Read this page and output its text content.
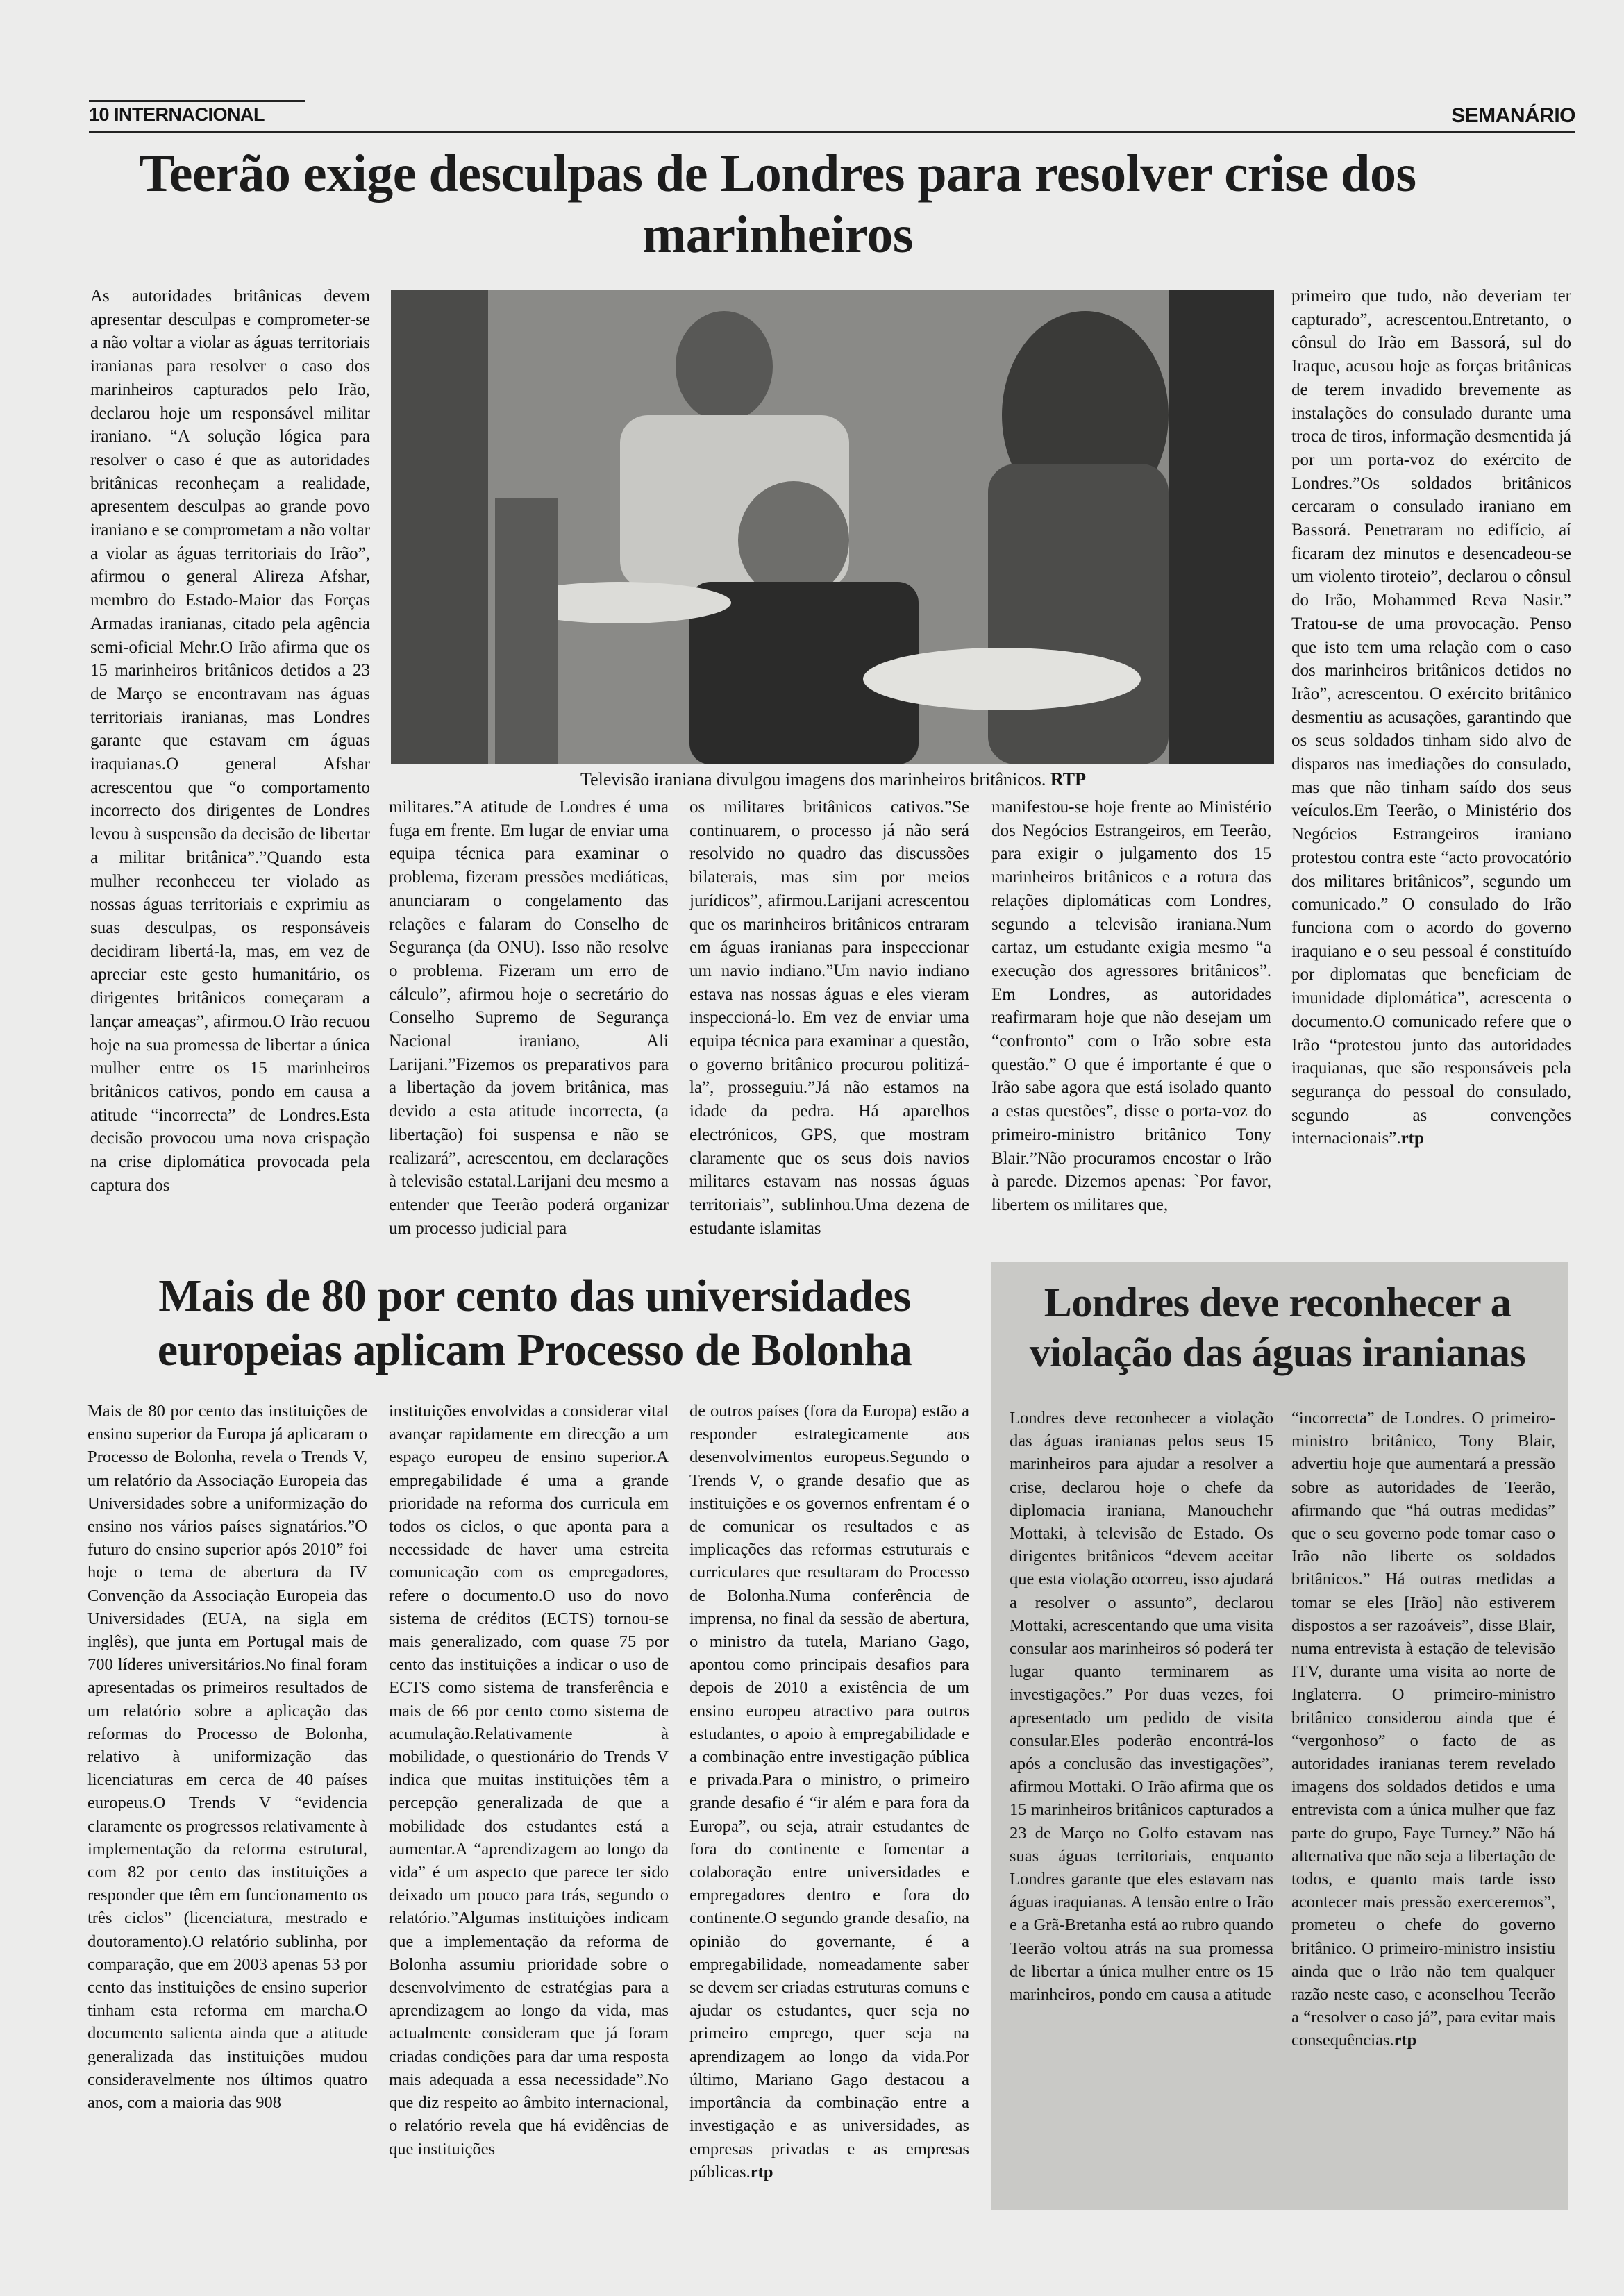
10 INTERNACIONAL	SEMANÁRIO
Teerão exige desculpas de Londres para resolver crise dos marinheiros

As autoridades britânicas devem apresentar desculpas e comprometer-se a não voltar a violar as águas territoriais iranianas para resolver o caso dos marinheiros capturados pelo Irão, declarou hoje um responsável militar iraniano. “A solução lógica para resolver o caso é que as autoridades britânicas reconheçam a realidade, apresentem desculpas ao grande povo iraniano e se comprometam a não voltar a violar as águas territoriais do Irão”, afirmou o general Alireza Afshar, membro do Estado-Maior das Forças Armadas iranianas, citado pela agência semi-oficial Mehr.O Irão afirma que os 15 marinheiros britânicos detidos a 23 de Março se encontravam nas águas territoriais iranianas, mas Londres garante que estavam em águas iraquianas.O general Afshar acrescentou que “o comportamento incorrecto dos dirigentes de Londres levou à suspensão da decisão de libertar a militar britânica”.”Quando esta mulher reconheceu ter violado as nossas águas territoriais e exprimiu as suas desculpas, os responsáveis decidiram libertá-la, mas, em vez de apreciar este gesto humanitário, os dirigentes britânicos começaram a lançar ameaças”, afirmou.O Irão recuou hoje na sua promessa de libertar a única mulher entre os 15 marinheiros britânicos cativos, pondo em causa a atitude “incorrecta” de Londres.Esta decisão provocou uma nova crispação na crise diplomática provocada pela captura dos

Televisão iraniana divulgou imagens dos marinheiros britânicos. RTP

militares.”A atitude de Londres é uma fuga em frente. Em lugar de enviar uma equipa técnica para examinar o problema, fizeram pressões mediáticas, anunciaram o congelamento das relações e falaram do Conselho de Segurança (da ONU). Isso não resolve o problema. Fizeram um erro de cálculo”, afirmou hoje o secretário do Conselho Supremo de Segurança Nacional iraniano, Ali Larijani.”Fizemos os preparativos para a libertação da jovem britânica, mas devido a esta atitude incorrecta, (a libertação) foi suspensa e não se realizará”, acrescentou, em declarações à televisão estatal.Larijani deu mesmo a entender que Teerão poderá organizar um processo judicial para

os militares britânicos cativos.”Se continuarem, o processo já não será resolvido no quadro das discussões bilaterais, mas sim por meios jurídicos”, afirmou.Larijani acrescentou que os marinheiros britânicos entraram em águas iranianas para inspeccionar um navio indiano.”Um navio indiano estava nas nossas águas e eles vieram inspeccioná-lo. Em vez de enviar uma equipa técnica para examinar a questão, o governo britânico procurou politizá-la”, prosseguiu.”Já não estamos na idade da pedra. Há aparelhos electrónicos, GPS, que mostram claramente que os seus dois navios militares estavam nas nossas águas territoriais”, sublinhou.Uma dezena de estudante islamitas

manifestou-se hoje frente ao Ministério dos Negócios Estrangeiros, em Teerão, para exigir o julgamento dos 15 marinheiros britânicos e a rotura das relações diplomáticas com Londres, segundo a televisão iraniana.Num cartaz, um estudante exigia mesmo “a execução dos agressores britânicos”. Em Londres, as autoridades reafirmaram hoje que não desejam um “confronto” com o Irão sobre esta questão.” O que é importante é que o Irão sabe agora que está isolado quanto a estas questões”, disse o porta-voz do primeiro-ministro britânico Tony Blair.”Não procuramos encostar o Irão à parede. Dizemos apenas: `Por favor, libertem os militares que,

primeiro que tudo, não deveriam ter capturado”, acrescentou.Entretanto, o cônsul do Irão em Bassorá, sul do Iraque, acusou hoje as forças britânicas de terem invadido brevemente as instalações do consulado durante uma troca de tiros, informação desmentida já por um porta-voz do exército de Londres.”Os soldados britânicos cercaram o consulado iraniano em Bassorá. Penetraram no edifício, aí ficaram dez minutos e desencadeou-se um violento tiroteio”, declarou o cônsul do Irão, Mohammed Reva Nasir.” Tratou-se de uma provocação. Penso que isto tem uma relação com o caso dos marinheiros britânicos detidos no Irão”, acrescentou. O exército britânico desmentiu as acusações, garantindo que os seus soldados tinham sido alvo de disparos nas imediações do consulado, mas que não tinham saído dos seus veículos.Em Teerão, o Ministério dos Negócios Estrangeiros iraniano protestou contra este “acto provocatório dos militares britânicos”, segundo um comunicado.” O consulado do Irão funciona com o acordo do governo iraquiano e o seu pessoal é constituído por diplomatas que beneficiam de imunidade diplomática”, acrescenta o documento.O comunicado refere que o Irão “protestou junto das autoridades iraquianas, que são responsáveis pela segurança do pessoal do consulado, segundo as convenções internacionais”.rtp

Mais de 80 por cento das universidades europeias aplicam Processo de Bolonha

Mais de 80 por cento das instituições de ensino superior da Europa já aplicaram o Processo de Bolonha, revela o Trends V, um relatório da Associação Europeia das Universidades sobre a uniformização do ensino nos vários países signatários.”O futuro do ensino superior após 2010” foi hoje o tema de abertura da IV Convenção da Associação Europeia das Universidades (EUA, na sigla em inglês), que junta em Portugal mais de 700 líderes universitários.No final foram apresentadas os primeiros resultados de um relatório sobre a aplicação das reformas do Processo de Bolonha, relativo à uniformização das licenciaturas em cerca de 40 países europeus.O Trends V “evidencia claramente os progressos relativamente à implementação da reforma estrutural, com 82 por cento das instituições a responder que têm em funcionamento os três ciclos” (licenciatura, mestrado e doutoramento).O relatório sublinha, por comparação, que em 2003 apenas 53 por cento das instituições de ensino superior tinham esta reforma em marcha.O documento salienta ainda que a atitude generalizada das instituições mudou consideravelmente nos últimos quatro anos, com a maioria das 908

instituições envolvidas a considerar vital avançar rapidamente em direcção a um espaço europeu de ensino superior.A empregabilidade é uma a grande prioridade na reforma dos curricula em todos os ciclos, o que aponta para a necessidade de haver uma estreita comunicação com os empregadores, refere o documento.O uso do novo sistema de créditos (ECTS) tornou-se mais generalizado, com quase 75 por cento das instituições a indicar o uso de ECTS como sistema de transferência e mais de 66 por cento como sistema de acumulação.Relativamente à mobilidade, o questionário do Trends V indica que muitas instituições têm a percepção generalizada de que a mobilidade dos estudantes está a aumentar.A “aprendizagem ao longo da vida” é um aspecto que parece ter sido deixado um pouco para trás, segundo o relatório.”Algumas instituições indicam que a implementação da reforma de Bolonha assumiu prioridade sobre o desenvolvimento de estratégias para a aprendizagem ao longo da vida, mas actualmente consideram que já foram criadas condições para dar uma resposta mais adequada a essa necessidade”.No que diz respeito ao âmbito internacional, o relatório revela que há evidências de que instituições

de outros países (fora da Europa) estão a responder estrategicamente aos desenvolvimentos europeus.Segundo o Trends V, o grande desafio que as instituições e os governos enfrentam é o de comunicar os resultados e as implicações das reformas estruturais e curriculares que resultaram do Processo de Bolonha.Numa conferência de imprensa, no final da sessão de abertura, o ministro da tutela, Mariano Gago, apontou como principais desafios para depois de 2010 a existência de um ensino europeu atractivo para outros estudantes, o apoio à empregabilidade e a combinação entre investigação pública e privada.Para o ministro, o primeiro grande desafio é “ir além e para fora da Europa”, ou seja, atrair estudantes de fora do continente e fomentar a colaboração entre universidades e empregadores dentro e fora do continente.O segundo grande desafio, na opinião do governante, é a empregabilidade, nomeadamente saber se devem ser criadas estruturas comuns e ajudar os estudantes, quer seja no primeiro emprego, quer seja na aprendizagem ao longo da vida.Por último, Mariano Gago destacou a importância da combinação entre a investigação e as universidades, as empresas privadas e as empresas públicas.rtp

Londres deve reconhecer a violação das águas iranianas

Londres deve reconhecer a violação das águas iranianas pelos seus 15 marinheiros para ajudar a resolver a crise, declarou hoje o chefe da diplomacia iraniana, Manouchehr Mottaki, à televisão de Estado. Os dirigentes britânicos “devem aceitar que esta violação ocorreu, isso ajudará a resolver o assunto”, declarou Mottaki, acrescentando que uma visita consular aos marinheiros só poderá ter lugar quanto terminarem as investigações.” Por duas vezes, foi apresentado um pedido de visita consular.Eles poderão encontrá-los após a conclusão das investigações”, afirmou Mottaki. O Irão afirma que os 15 marinheiros britânicos capturados a 23 de Março no Golfo estavam nas suas águas territoriais, enquanto Londres garante que eles estavam nas águas iraquianas. A tensão entre o Irão e a Grã-Bretanha está ao rubro quando Teerão voltou atrás na sua promessa de libertar a única mulher entre os 15 marinheiros, pondo em causa a atitude

“incorrecta” de Londres. O primeiro-ministro britânico, Tony Blair, advertiu hoje que aumentará a pressão sobre as autoridades de Teerão, afirmando que “há outras medidas” que o seu governo pode tomar caso o Irão não liberte os soldados britânicos.” Há outras medidas a tomar se eles [Irão] não estiverem dispostos a ser razoáveis”, disse Blair, numa entrevista à estação de televisão ITV, durante uma visita ao norte de Inglaterra. O primeiro-ministro britânico considerou ainda que é “vergonhoso” o facto de as autoridades iranianas terem revelado imagens dos soldados detidos e uma entrevista com a única mulher que faz parte do grupo, Faye Turney.” Não há alternativa que não seja a libertação de todos, e quanto mais tarde isso acontecer mais pressão exerceremos”, prometeu o chefe do governo britânico. O primeiro-ministro insistiu ainda que o Irão não tem qualquer razão neste caso, e aconselhou Teerão a “resolver o caso já”, para evitar mais consequências.rtp
